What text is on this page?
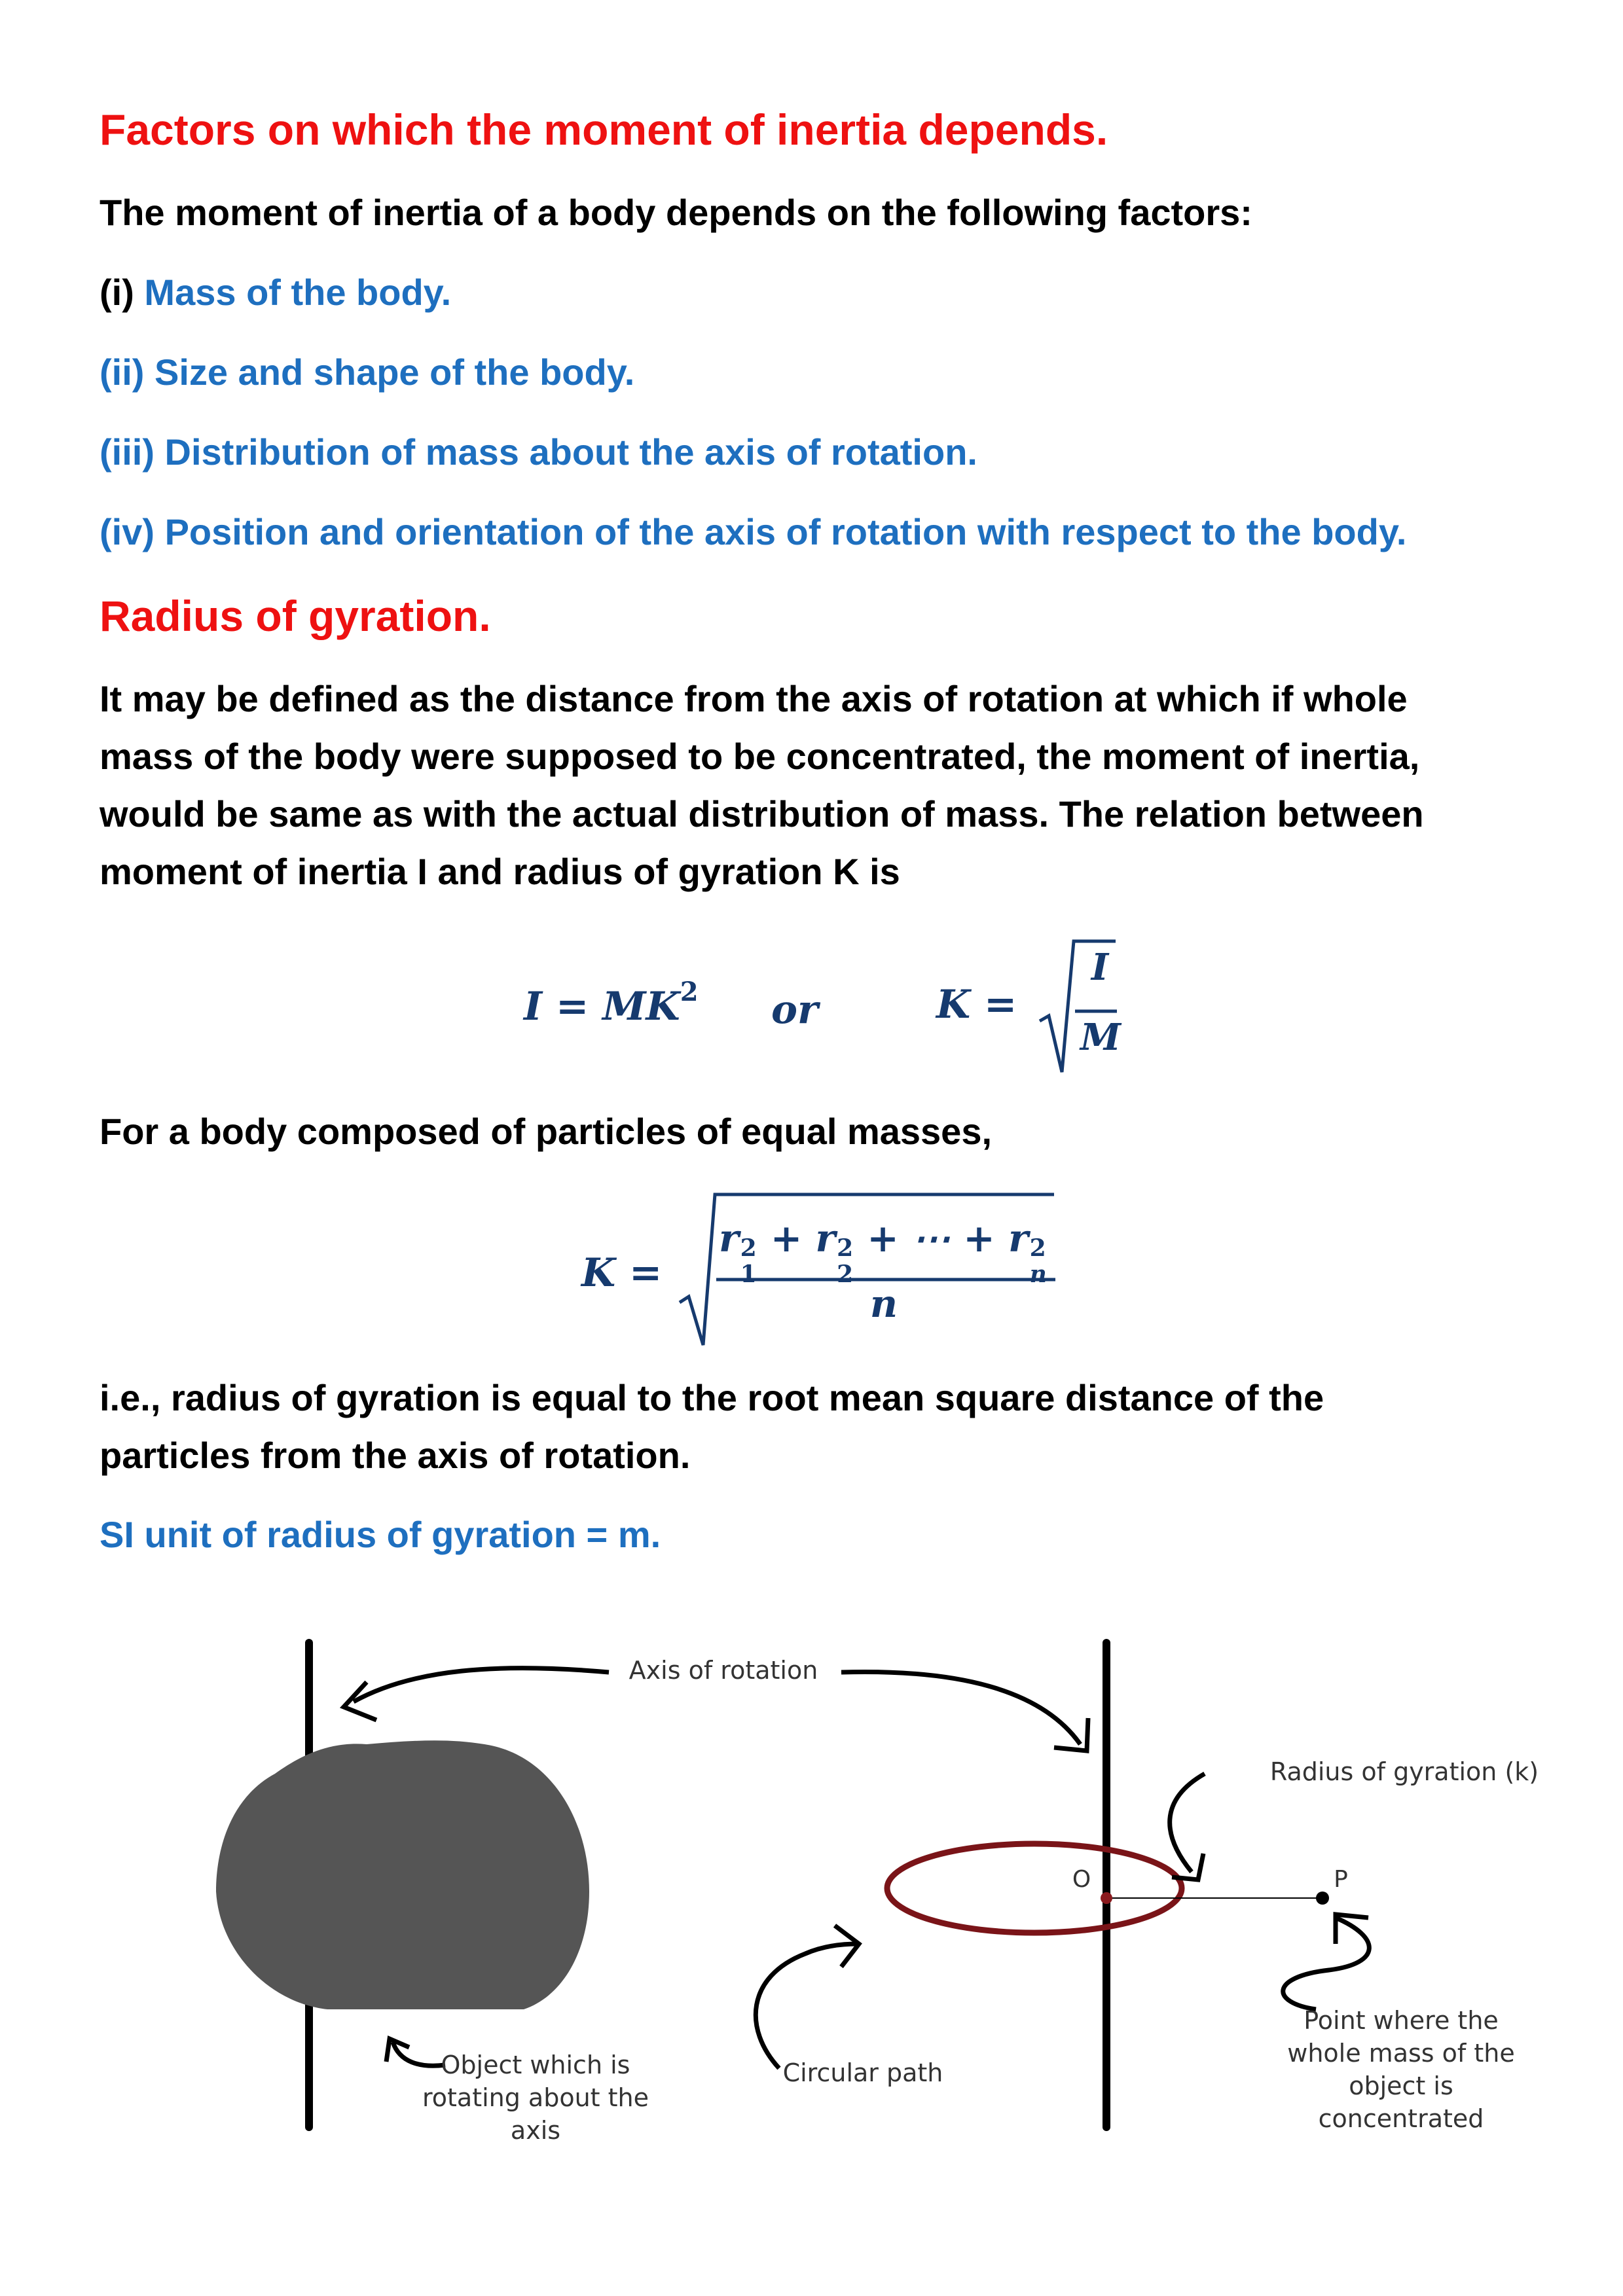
Factors on which the moment of inertia depends.
The moment of inertia of a body depends on the following factors:
(i) Mass of the body.
(ii) Size and shape of the body.
(iii) Distribution of mass about the axis of rotation.
(iv) Position and orientation of the axis of rotation with respect to the body.
Radius of gyration.
It may be defined as the distance from the axis of rotation at which if whole
mass of the body were supposed to be concentrated, the moment of inertia,
would be same as with the actual distribution of mass. The relation between
moment of inertia I and radius of gyration K is
$I = MK^2$ or	K =
I
M
For a body composed of particles of equal masses,
K =
r 2
1
+ r 2
2
+ ⋯ + r 2
n
n
i.e., radius of gyration is equal to the root mean square distance of the
particles from the axis of rotation.
SI unit of radius of gyration = m.
Axis of rotation
Radius of gyration (k)
O	P
Object which is
rotating about the
axis
Circular path
Point where the
whole mass of the
object is
concentrated
